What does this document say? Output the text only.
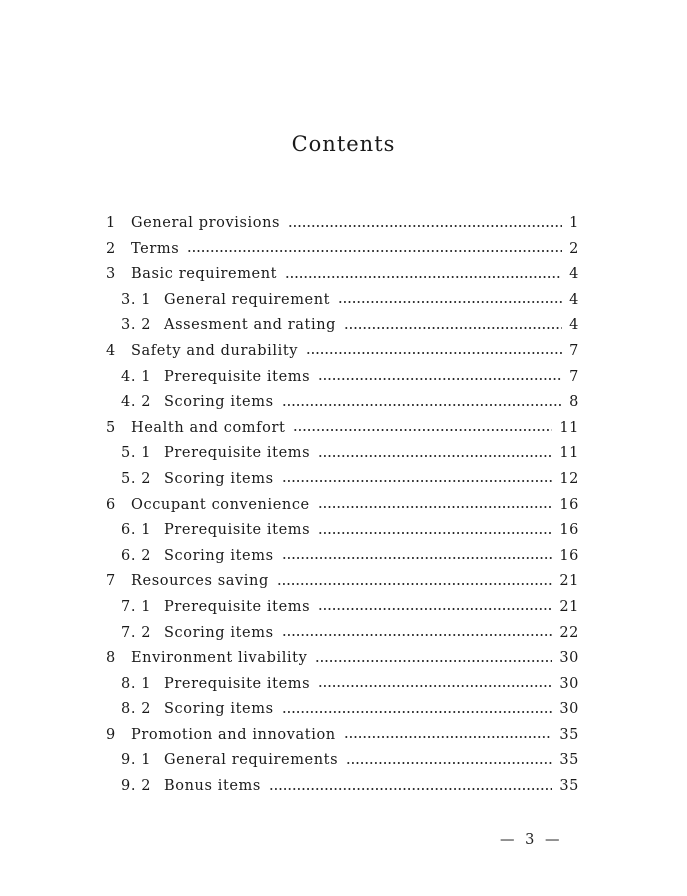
Contents
1 General provisions	1
2 Terms	2
3 Basic requirement	4
3. 1 General requirement	4
3. 2 Assesment and rating	4
4 Safety and durability	7
4. 1 Prerequisite items	7
4. 2 Scoring items	8
5 Health and comfort	11
5. 1 Prerequisite items	11
5. 2 Scoring items	12
6 Occupant convenience	16
6. 1 Prerequisite items	16
6. 2 Scoring items	16
7 Resources saving	21
7. 1 Prerequisite items	21
7. 2 Scoring items	22
8 Environment livability	30
8. 1 Prerequisite items	30
8. 2 Scoring items	30
9 Promotion and innovation	35
9. 1 General requirements	35
9. 2 Bonus items	35
— 3 —
